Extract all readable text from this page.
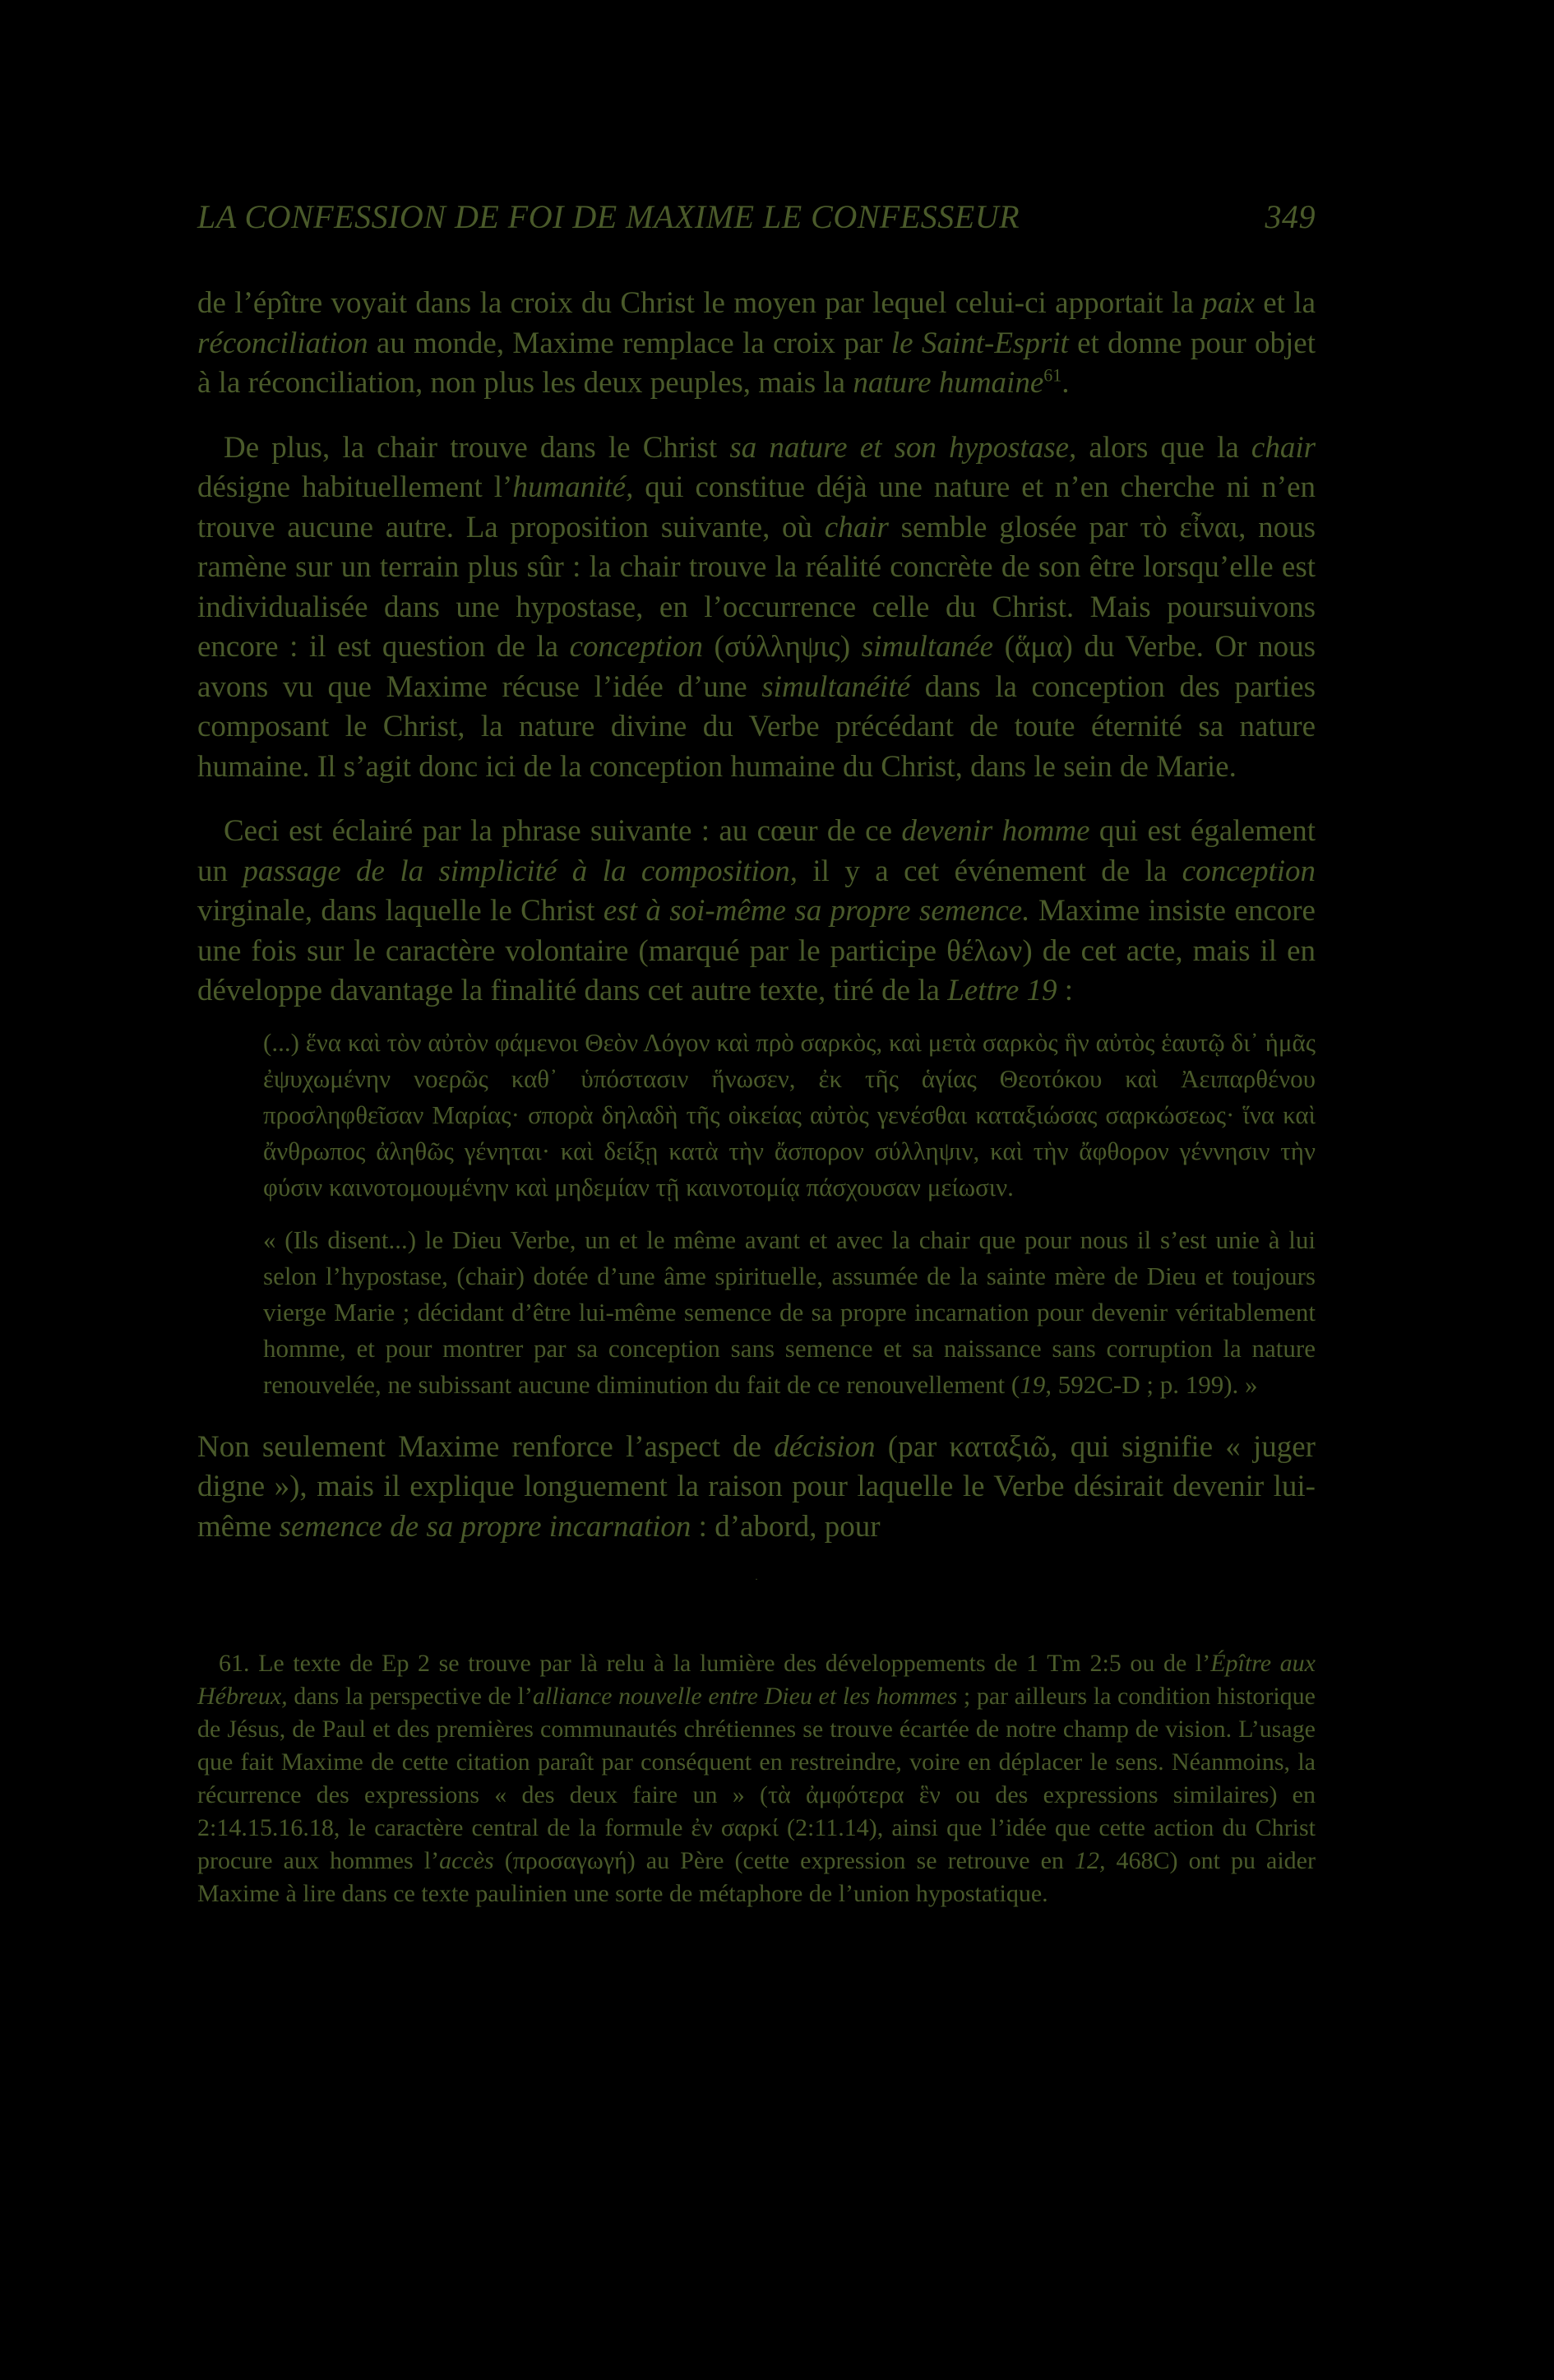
LA CONFESSION DE FOI DE MAXIME LE CONFESSEUR	349

de l’épître voyait dans la croix du Christ le moyen par lequel celui-ci apportait la paix et la réconciliation au monde, Maxime remplace la croix par le Saint-Esprit et donne pour objet à la réconciliation, non plus les deux peuples, mais la nature humaine$^{61}$.

De plus, la chair trouve dans le Christ sa nature et son hypostase, alors que la chair désigne habituellement l’humanité, qui constitue déjà une nature et n’en cherche ni n’en trouve aucune autre. La proposition suivante, où chair semble glosée par τὸ εἶναι, nous ramène sur un terrain plus sûr : la chair trouve la réalité concrète de son être lorsqu’elle est individualisée dans une hypostase, en l’occurrence celle du Christ. Mais poursuivons encore : il est question de la conception (σύλληψις) simultanée (ἅμα) du Verbe. Or nous avons vu que Maxime récuse l’idée d’une simultanéité dans la conception des parties composant le Christ, la nature divine du Verbe précédant de toute éternité sa nature humaine. Il s’agit donc ici de la conception humaine du Christ, dans le sein de Marie.

Ceci est éclairé par la phrase suivante : au cœur de ce devenir homme qui est également un passage de la simplicité à la composition, il y a cet événement de la conception virginale, dans laquelle le Christ est à soi-même sa propre semence. Maxime insiste encore une fois sur le caractère volontaire (marqué par le participe θέλων) de cet acte, mais il en développe davantage la finalité dans cet autre texte, tiré de la Lettre 19 :

(...) ἕνα καὶ τὸν αὐτὸν φάμενοι Θεὸν Λόγον καὶ πρὸ σαρκὸς, καὶ μετὰ σαρκὸς ἣν αὐτὸς ἑαυτῷ δι᾿ ἡμᾶς ἐψυχωμένην νοερῶς καθ᾿ ὑπόστασιν ἥνωσεν, ἐκ τῆς ἁγίας Θεοτόκου καὶ Ἀειπαρθένου προσληφθεῖσαν Μαρίας· σπορὰ δηλαδὴ τῆς οἰκείας αὐτὸς γενέσθαι καταξιώσας σαρκώσεως· ἵνα καὶ ἄνθρωπος ἀληθῶς γένηται· καὶ δείξῃ κατὰ τὴν ἄσπορον σύλληψιν, καὶ τὴν ἄφθορον γέννησιν τὴν φύσιν καινοτομουμένην καὶ μηδεμίαν τῇ καινοτομίᾳ πάσχουσαν μείωσιν.

« (Ils disent...) le Dieu Verbe, un et le même avant et avec la chair que pour nous il s’est unie à lui selon l’hypostase, (chair) dotée d’une âme spirituelle, assumée de la sainte mère de Dieu et toujours vierge Marie ; décidant d’être lui-même semence de sa propre incarnation pour devenir véritablement homme, et pour montrer par sa conception sans semence et sa naissance sans corruption la nature renouvelée, ne subissant aucune diminution du fait de ce renouvellement (19, 592C-D ; p. 199). »

Non seulement Maxime renforce l’aspect de décision (par καταξιῶ, qui signifie « juger digne »), mais il explique longuement la raison pour laquelle le Verbe désirait devenir lui-même semence de sa propre incarnation : d’abord, pour

.

61. Le texte de Ep 2 se trouve par là relu à la lumière des développements de 1 Tm 2:5 ou de l’Épître aux Hébreux, dans la perspective de l’alliance nouvelle entre Dieu et les hommes ; par ailleurs la condition historique de Jésus, de Paul et des premières communautés chrétiennes se trouve écartée de notre champ de vision. L’usage que fait Maxime de cette citation paraît par conséquent en restreindre, voire en déplacer le sens. Néanmoins, la récurrence des expressions « des deux faire un » (τὰ ἀμφότερα ἓν ou des expressions similaires) en 2:14.15.16.18, le caractère central de la formule ἐν σαρκί (2:11.14), ainsi que l’idée que cette action du Christ procure aux hommes l’accès (προσαγωγή) au Père (cette expression se retrouve en 12, 468C) ont pu aider Maxime à lire dans ce texte paulinien une sorte de métaphore de l’union hypostatique.
